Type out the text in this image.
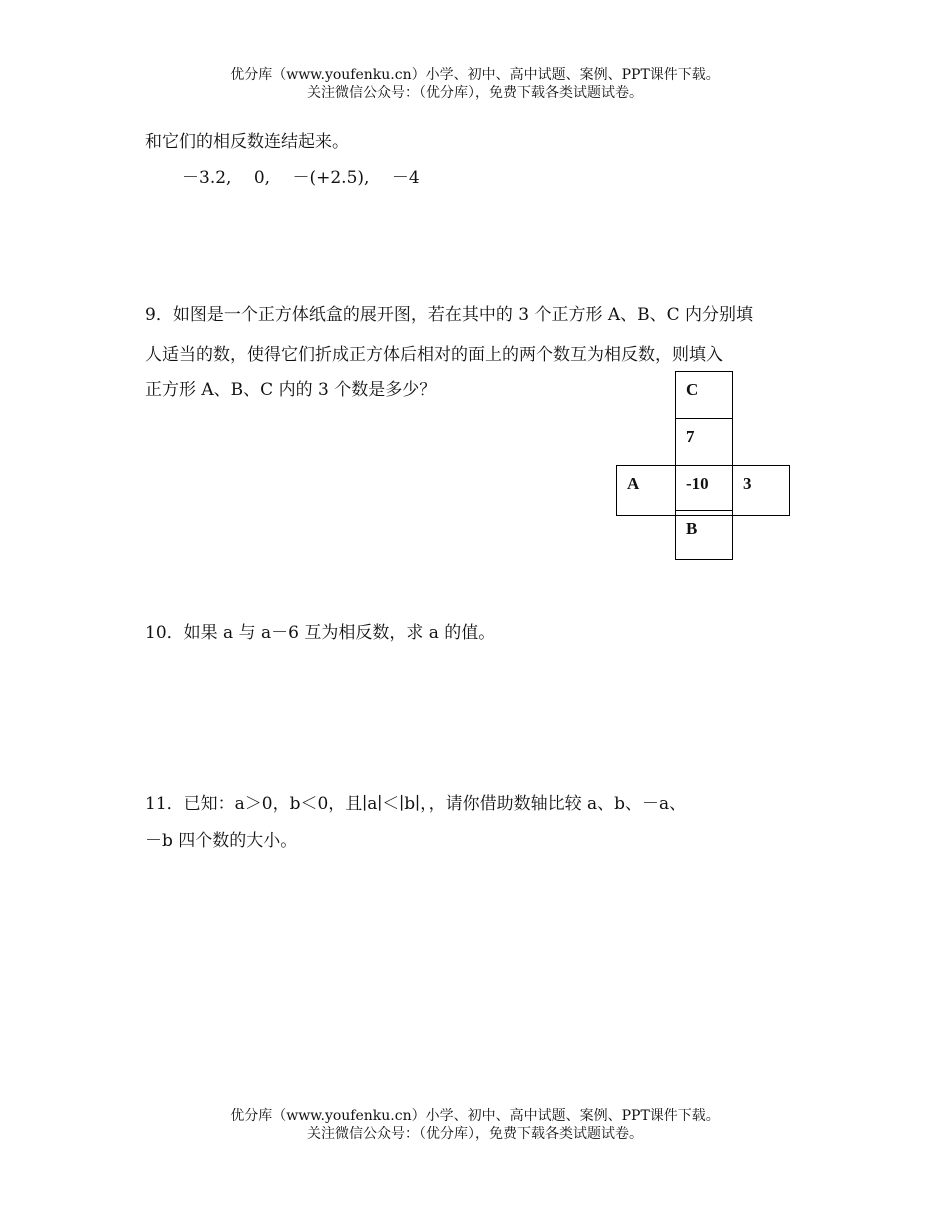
优分库（www.youfenku.cn）小学、初中、高中试题、案例、PPT课件下载。
关注微信公众号：（优分库），免费下载各类试题试卷。
和它们的相反数连结起来。
－3.2,　 0,　 －(+2.5),　 －4
9．如图是一个正方体纸盒的展开图，若在其中的 3 个正方形 A、B、C 内分别填
人适当的数，使得它们折成正方体后相对的面上的两个数互为相反数，则填入
正方形 A、B、C 内的 3 个数是多少？	C
7
A	-10	3
B
10．如果 a 与 a－6 互为相反数，求 a 的值。
11．已知：a＞0，b＜0，且∣a∣＜∣b∣，，请你借助数轴比较 a、b、－a、
－b 四个数的大小。
优分库（www.youfenku.cn）小学、初中、高中试题、案例、PPT课件下载。
关注微信公众号：（优分库），免费下载各类试题试卷。
